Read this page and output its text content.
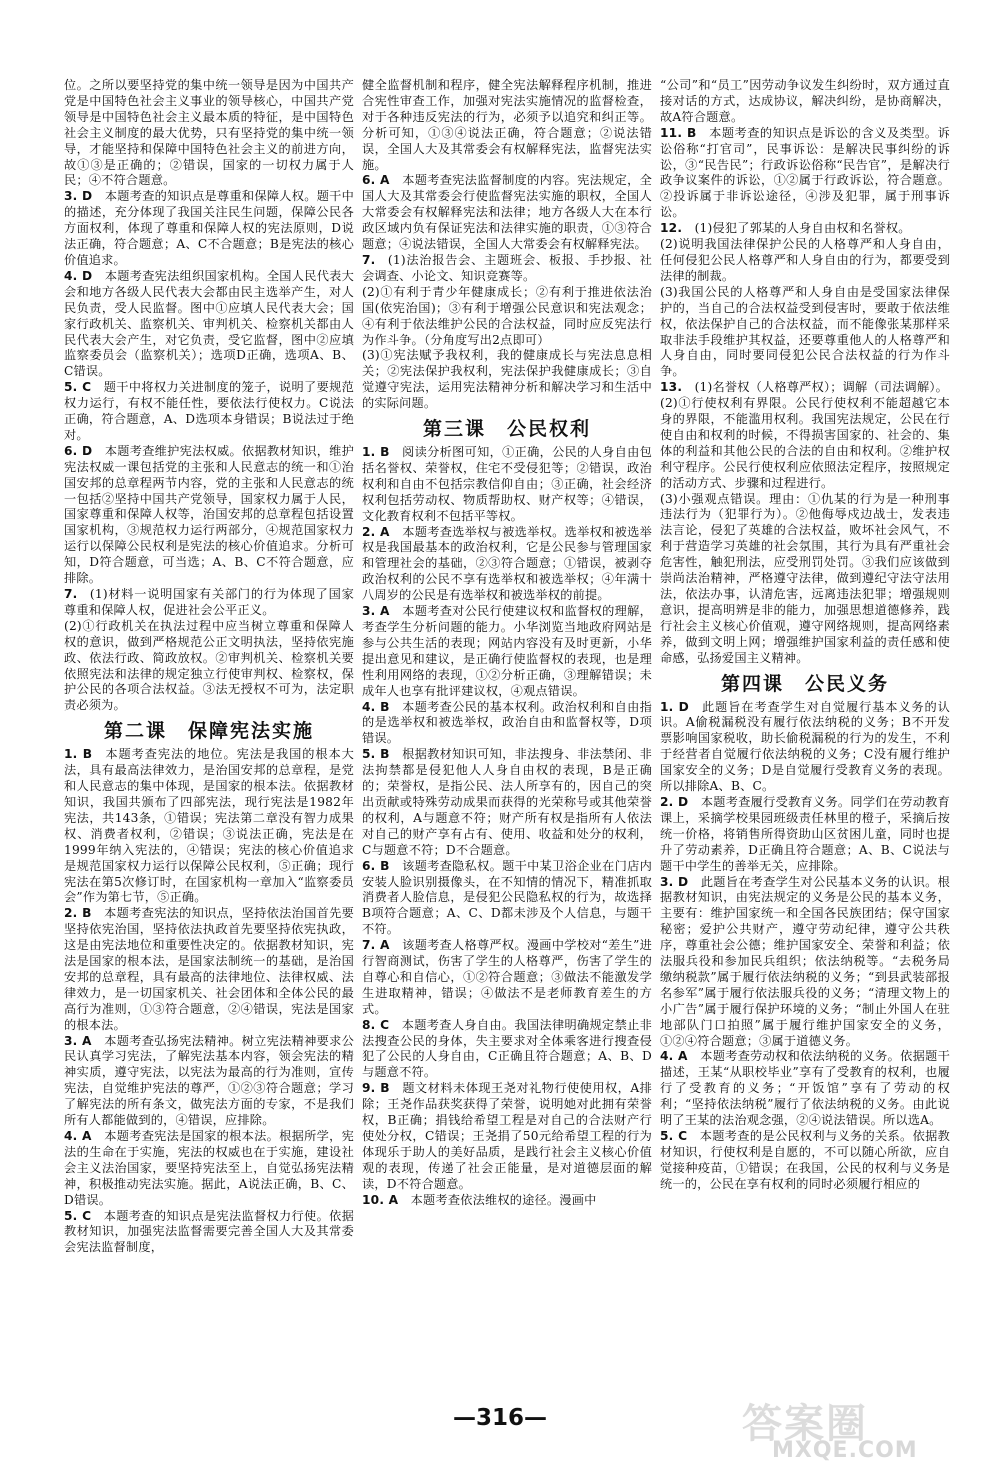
位。之所以要坚持党的集中统一领导是因为中国共产党是中国特色社会主义事业的领导核心，中国共产党领导是中国特色社会主义最本质的特征，是中国特色社会主义制度的最大优势，只有坚持党的集中统一领导，才能坚持和保障中国特色社会主义的前进方向，故①③是正确的；②错误，国家的一切权力属于人民；④不符合题意。

3. D  本题考查的知识点是尊重和保障人权。题干中的描述，充分体现了我国关注民生问题，保障公民各方面权利，体现了尊重和保障人权的宪法原则，D说法正确，符合题意；A、C不合题意；B是宪法的核心价值追求。

4. D  本题考查宪法组织国家机构。全国人民代表大会和地方各级人民代表大会都由民主选举产生，对人民负责，受人民监督。图中①应填人民代表大会；国家行政机关、监察机关、审判机关、检察机关都由人民代表大会产生，对它负责，受它监督，图中②应填监察委员会（监察机关）；选项D正确，选项A、B、C错误。

5. C  题干中将权力关进制度的笼子，说明了要规范权力运行，有权不能任性，要依法行使权力。C说法正确，符合题意，A、D选项本身错误；B说法过于绝对。

6. D  本题考查维护宪法权威。依据教材知识，维护宪法权威一课包括党的主张和人民意志的统一和①治国安邦的总章程两节内容，党的主张和人民意志的统一包括②坚持中国共产党领导，国家权力属于人民，国家尊重和保障人权等，治国安邦的总章程包括设置国家机构，③规范权力运行两部分，④规范国家权力运行以保障公民权利是宪法的核心价值追求。分析可知，D符合题意，可当选；A、B、C不符合题意，应排除。

7.  (1)材料一说明国家有关部门的行为体现了国家尊重和保障人权，促进社会公平正义。

(2)①行政机关在执法过程中应当树立尊重和保障人权的意识，做到严格规范公正文明执法，坚持依宪施政、依法行政、简政放权。②审判机关、检察机关要依照宪法和法律的规定独立行使审判权、检察权，保护公民的各项合法权益。③法无授权不可为，法定职责必须为。

第二课　保障宪法实施

1. B  本题考查宪法的地位。宪法是我国的根本大法，具有最高法律效力，是治国安邦的总章程，是党和人民意志的集中体现，是国家的根本法。依据教材知识，我国共颁布了四部宪法，现行宪法是1982年宪法，共143条，①错误；宪法第二章没有智力成果权、消费者权利，②错误；③说法正确，宪法是在1999年纳入宪法的，④错误；宪法的核心价值追求是规范国家权力运行以保障公民权利，⑤正确；现行宪法在第5次修订时，在国家机构一章加入“监察委员会”作为第七节，⑤正确。

2. B  本题考查宪法的知识点，坚持依法治国首先要坚持依宪治国，坚持依法执政首先要坚持依宪执政，这是由宪法地位和重要性决定的。依据教材知识，宪法是国家的根本法，是国家法制统一的基础，是治国安邦的总章程，具有最高的法律地位、法律权威、法律效力，是一切国家机关、社会团体和全体公民的最高行为准则，①③符合题意，②④错误，宪法是国家的根本法。

3. A  本题考查弘扬宪法精神。树立宪法精神要求公民认真学习宪法，了解宪法基本内容，领会宪法的精神实质，遵守宪法，以宪法为最高的行为准则，宣传宪法，自觉维护宪法的尊严，①②③符合题意；学习了解宪法的所有条文，做宪法方面的专家，不是我们所有人都能做到的，④错误，应排除。

4. A  本题考查宪法是国家的根本法。根据所学，宪法的生命在于实施，宪法的权威也在于实施，建设社会主义法治国家，要坚持宪法至上，自觉弘扬宪法精神，积极推动宪法实施。据此，A说法正确，B、C、D错误。

5. C  本题考查的知识点是宪法监督权力行使。依据教材知识，加强宪法监督需要完善全国人大及其常委会宪法监督制度，

健全监督机制和程序，健全宪法解释程序机制，推进合宪性审查工作，加强对宪法实施情况的监督检查，对于各种违反宪法的行为，必须予以追究和纠正等。分析可知，①③④说法正确，符合题意；②说法错误，全国人大及其常委会有权解释宪法，监督宪法实施。

6. A  本题考查宪法监督制度的内容。宪法规定，全国人大及其常委会行使监督宪法实施的职权，全国人大常委会有权解释宪法和法律；地方各级人大在本行政区域内负有保证宪法和法律实施的职责，①③符合题意；④说法错误，全国人大常委会有权解释宪法。

7.  (1)法治报告会、主题班会、板报、手抄报、社会调查、小论文、知识竞赛等。

(2)①有利于青少年健康成长；②有利于推进依法治国(依宪治国)；③有利于增强公民意识和宪法观念；④有利于依法维护公民的合法权益，同时应反宪法行为作斗争。（分角度写出2点即可）

(3)①宪法赋予我权利，我的健康成长与宪法息息相关；②宪法保护我权利，宪法保护我健康成长；③自觉遵守宪法，运用宪法精神分析和解决学习和生活中的实际问题。

第三课　公民权利

1. B  阅读分析图可知，①正确，公民的人身自由包括名誉权、荣誉权，住宅不受侵犯等；②错误，政治权利和自由不包括宗教信仰自由；③正确，社会经济权利包括劳动权、物质帮助权、财产权等；④错误，文化教育权利不包括平等权。

2. A  本题考查选举权与被选举权。选举权和被选举权是我国最基本的政治权利，它是公民参与管理国家和管理社会的基础，②③符合题意；①错误，被剥夺政治权利的公民不享有选举权和被选举权；④年满十八周岁的公民是有选举权和被选举权的前提。

3. A  本题考查对公民行使建议权和监督权的理解，考查学生分析问题的能力。小华浏览当地政府网站是参与公共生活的表现；网站内容没有及时更新，小华提出意见和建议，是正确行使监督权的表现，也是理性利用网络的表现，①②分析正确，③理解错误；未成年人也享有批评建议权，④观点错误。

4. B  本题考查公民的基本权利。政治权利和自由指的是选举权和被选举权，政治自由和监督权等，D项错误。

5. B  根据教材知识可知，非法搜身、非法禁闭、非法拘禁都是侵犯他人人身自由权的表现，B是正确的；荣誉权，是指公民、法人所享有的，因自己的突出贡献或特殊劳动成果而获得的光荣称号或其他荣誉的权利，A与题意不符；财产所有权是指所有人依法对自己的财产享有占有、使用、收益和处分的权利，C与题意不符；D不合题意。

6. B  该题考查隐私权。题干中某卫浴企业在门店内安装人脸识别摄像头，在不知情的情况下，精准抓取消费者人脸信息，是侵犯公民隐私权的行为，故选择B项符合题意；A、C、D都未涉及个人信息，与题干不符。

7. A  该题考查人格尊严权。漫画中学校对“差生”进行智商测试，伤害了学生的人格尊严，伤害了学生的自尊心和自信心，①②符合题意；③做法不能激发学生进取精神，错误；④做法不是老师教育差生的方式。

8. C  本题考查人身自由。我国法律明确规定禁止非法搜查公民的身体，失主要求对全体乘客进行搜查侵犯了公民的人身自由，C正确且符合题意；A、B、D与题意不符。

9. B  题文材料未体现王尧对礼物行使使用权，A排除；王尧作品获奖获得了荣誉，说明她对此拥有荣誉权，B正确；捐钱给希望工程是对自己的合法财产行使处分权，C错误；王尧捐了50元给希望工程的行为体现乐于助人的美好品质，是践行社会主义核心价值观的表现，传递了社会正能量，是对道德层面的解读，D不符合题意。

10. A  本题考查依法维权的途径。漫画中

“公司”和“员工”因劳动争议发生纠纷时，双方通过直接对话的方式，达成协议，解决纠纷，是协商解决，故A符合题意。

11. B  本题考查的知识点是诉讼的含义及类型。诉讼俗称“打官司”，民事诉讼：是解决民事纠纷的诉讼，③“民告民”；行政诉讼俗称“民告官”，是解决行政争议案件的诉讼，①②属于行政诉讼，符合题意。②投诉属于非诉讼途径，④涉及犯罪，属于刑事诉讼。

12.  (1)侵犯了郭某的人身自由权和名誉权。

(2)说明我国法律保护公民的人格尊严和人身自由，任何侵犯公民人格尊严和人身自由的行为，都要受到法律的制裁。

(3)我国公民的人格尊严和人身自由是受国家法律保护的，当自己的合法权益受到侵害时，要敢于依法维权，依法保护自己的合法权益，而不能像张某那样采取非法手段维护其权益，还要尊重他人的人格尊严和人身自由，同时要同侵犯公民合法权益的行为作斗争。

13.  (1)名誉权（人格尊严权）；调解（司法调解）。

(2)①行使权利有界限。公民行使权利不能超越它本身的界限，不能滥用权利。我国宪法规定，公民在行使自由和权利的时候，不得损害国家的、社会的、集体的利益和其他公民的合法的自由和权利。②维护权利守程序。公民行使权利应依照法定程序，按照规定的活动方式、步骤和过程进行。

(3)小强观点错误。理由：①仇某的行为是一种刑事违法行为（犯罪行为）。②他侮辱戍边战士，发表违法言论，侵犯了英雄的合法权益，败坏社会风气，不利于营造学习英雄的社会氛围，其行为具有严重社会危害性，触犯刑法，应受刑罚处罚。③我们应该做到崇尚法治精神，严格遵守法律，做到遵纪守法守法用法，依法办事，认清危害，远离违法犯罪；增强规则意识，提高明辨是非的能力，加强思想道德修养，践行社会主义核心价值观，遵守网络规则，提高网络素养，做到文明上网；增强维护国家利益的责任感和使命感，弘扬爱国主义精神。

第四课　公民义务

1. D  此题旨在考查学生对自觉履行基本义务的认识。A偷税漏税没有履行依法纳税的义务；B不开发票影响国家税收，助长偷税漏税的行为的发生，不利于经营者自觉履行依法纳税的义务；C没有履行维护国家安全的义务；D是自觉履行受教育义务的表现。所以排除A、B、C。

2. D  本题考查履行受教育义务。同学们在劳动教育课上，采摘学校果园班级责任林里的橙子，采摘后按统一价格，将销售所得资助山区贫困儿童，同时也提升了劳动素养，D正确且符合题意；A、B、C说法与题干中学生的善举无关，应排除。

3. D  此题旨在考查学生对公民基本义务的认识。根据教材知识，由宪法规定的义务是公民的基本义务，主要有：维护国家统一和全国各民族团结；保守国家秘密；爱护公共财产，遵守劳动纪律，遵守公共秩序，尊重社会公德；维护国家安全、荣誉和利益；依法服兵役和参加民兵组织；依法纳税等。“去税务局缴纳税款”属于履行依法纳税的义务；“到县武装部报名参军”属于履行依法服兵役的义务；“清理文物上的小广告”属于履行保护环境的义务；“制止外国人在驻地部队门口拍照”属于履行维护国家安全的义务，①②④符合题意；③属于道德义务。

4. A  本题考查劳动权和依法纳税的义务。依据题干描述，王某“从职校毕业”享有了受教育的权利，也履行了受教育的义务；“开饭馆”享有了劳动的权利；“坚持依法纳税”履行了依法纳税的义务。由此说明了王某的法治观念强，②④说法错误。所以选A。

5. C  本题考查的是公民权利与义务的关系。依据教材知识，行使权利是自愿的，不可以随心所欲，应自觉接种疫苗，①错误；在我国，公民的权利与义务是统一的，公民在享有权利的同时必须履行相应的

—316—	答案圈
MXQE.COM
